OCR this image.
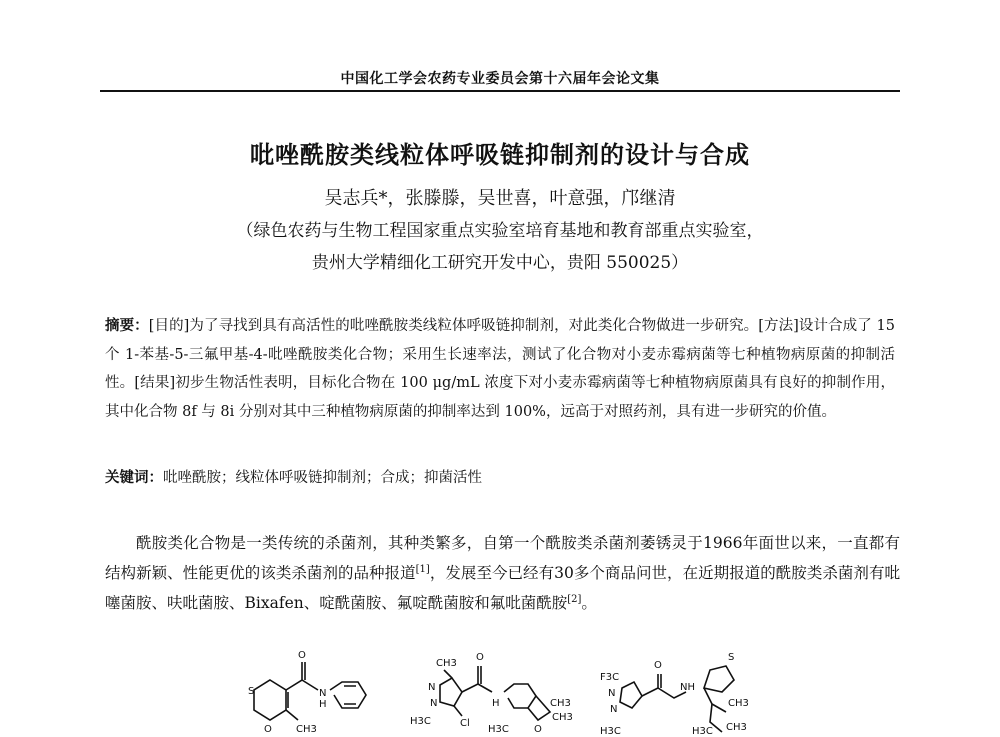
中国化工学会农药专业委员会第十六届年会论文集
吡唑酰胺类线粒体呼吸链抑制剂的设计与合成
吴志兵*，张滕滕，吴世喜，叶意强，邝继清
（绿色农药与生物工程国家重点实验室培育基地和教育部重点实验室，
贵州大学精细化工研究开发中心，贵阳 550025）
摘要：[目的]为了寻找到具有高活性的吡唑酰胺类线粒体呼吸链抑制剂，对此类化合物做进一步研究。[方法]设计合成了 15 个 1-苯基-5-三氟甲基-4-吡唑酰胺类化合物；采用生长速率法，测试了化合物对小麦赤霉病菌等七种植物病原菌的抑制活性。[结果]初步生物活性表明，目标化合物在 100 μg/mL 浓度下对小麦赤霉病菌等七种植物病原菌具有良好的抑制作用，其中化合物 8f 与 8i 分别对其中三种植物病原菌的抑制率达到 100%，远高于对照药剂，具有进一步研究的价值。
关键词：吡唑酰胺；线粒体呼吸链抑制剂；合成；抑菌活性
酰胺类化合物是一类传统的杀菌剂，其种类繁多，自第一个酰胺类杀菌剂萎锈灵于1966年面世以来，一直都有结构新颖、性能更优的该类杀菌剂的品种报道[1]，发展至今已经有30多个商品问世，在近期报道的酰胺类杀菌剂有吡噻菌胺、呋吡菌胺、Bixafen、啶酰菌胺、氟啶酰菌胺和氟吡菌酰胺[2]。
S
O
N
H
O CH3
CH3
O
N
N
H3C	Cl
H	CH3
CH3
O
H3C
F3C
O
NH
S
N
N
CH3
H3C	CH3
H3C
